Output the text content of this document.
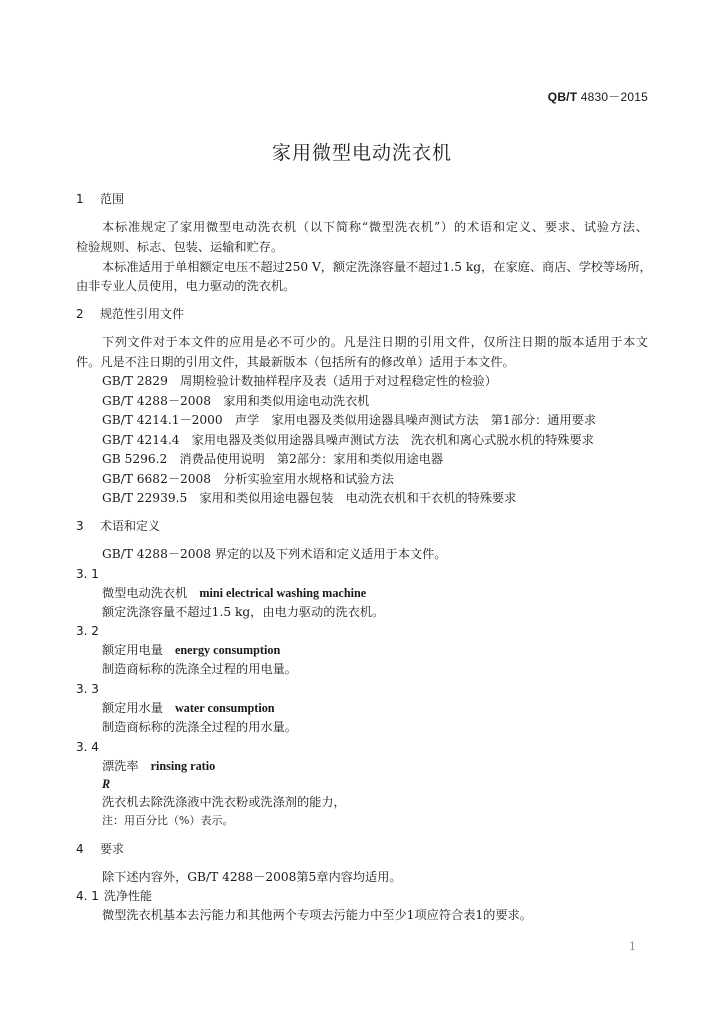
QB/T 4830－2015
家用微型电动洗衣机
1 范围
本标准规定了家用微型电动洗衣机（以下简称“微型洗衣机”）的术语和定义、要求、试验方法、
检验规则、标志、包装、运输和贮存。
本标准适用于单相额定电压不超过250 V，额定洗涤容量不超过1.5 kg，在家庭、商店、学校等场所，
由非专业人员使用，电力驱动的洗衣机。
2 规范性引用文件
下列文件对于本文件的应用是必不可少的。凡是注日期的引用文件，仅所注日期的版本适用于本文
件。凡是不注日期的引用文件，其最新版本（包括所有的修改单）适用于本文件。
GB/T 2829　周期检验计数抽样程序及表（适用于对过程稳定性的检验）
GB/T 4288－2008　家用和类似用途电动洗衣机
GB/T 4214.1－2000　声学　家用电器及类似用途器具噪声测试方法　第1部分：通用要求
GB/T 4214.4　家用电器及类似用途器具噪声测试方法　洗衣机和离心式脱水机的特殊要求
GB 5296.2　消费品使用说明　第2部分：家用和类似用途电器
GB/T 6682－2008　分析实验室用水规格和试验方法
GB/T 22939.5　家用和类似用途电器包装　电动洗衣机和干衣机的特殊要求
3 术语和定义
GB/T 4288－2008 界定的以及下列术语和定义适用于本文件。
3. 1
微型电动洗衣机 mini electrical washing machine
额定洗涤容量不超过1.5 kg，由电力驱动的洗衣机。
3. 2
额定用电量 energy consumption
制造商标称的洗涤全过程的用电量。
3. 3
额定用水量 water consumption
制造商标称的洗涤全过程的用水量。
3. 4
漂洗率 rinsing ratio
R
洗衣机去除洗涤液中洗衣粉或洗涤剂的能力，
注：用百分比（%）表示。
4 要求
除下述内容外，GB/T 4288－2008第5章内容均适用。
4. 1 洗净性能
微型洗衣机基本去污能力和其他两个专项去污能力中至少1项应符合表1的要求。
1
